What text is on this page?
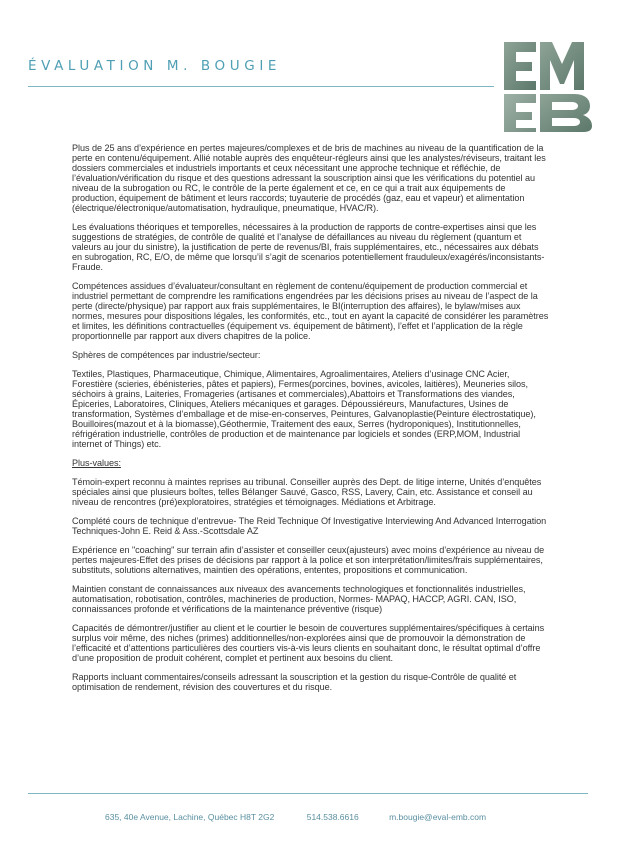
ÉVALUATION M. BOUGIE

Plus de 25 ans d’expérience en pertes majeures/complexes et de bris de machines au niveau de la quantification de la perte en contenu/équipement. Allié notable auprès des enquêteur-régleurs ainsi que les analystes/réviseurs, traitant les dossiers commerciales et industriels importants et ceux nécessitant une approche technique et réfléchie, de l’évaluation/vérification du risque et des questions adressant la souscription ainsi que les vérifications du potentiel au niveau de la subrogation ou RC, le contrôle de la perte également et ce, en ce qui a trait aux équipements de production, équipement de bâtiment et leurs raccords; tuyauterie de procédés (gaz, eau et vapeur) et alimentation (électrique/électronique/automatisation, hydraulique, pneumatique, HVAC/R).

Les évaluations théoriques et temporelles, nécessaires à la production de rapports de contre-expertises ainsi que les suggestions de stratégies, de contrôle de qualité et l’analyse de défaillances au niveau du règlement (quantum et valeurs au jour du sinistre), la justification de perte de revenus/BI, frais supplémentaires, etc., nécessaires aux débats en subrogation, RC, E/O, de même que lorsqu’il s’agit de scenarios potentiellement frauduleux/exagérés/inconsistants-Fraude.

Compétences assidues d’évaluateur/consultant en règlement de contenu/équipement de production commercial et industriel permettant de comprendre les ramifications engendrées par les décisions prises au niveau de l’aspect de la perte (directe/physique) par rapport aux frais supplémentaires, le BI(interruption des affaires), le bylaw/mises aux normes, mesures pour dispositions légales, les conformités, etc., tout en ayant la capacité de considérer les paramètres et limites, les définitions contractuelles (équipement vs. équipement de bâtiment), l’effet et l’application de la règle proportionnelle par rapport aux divers chapitres de la police.

Sphères de compétences par industrie/secteur:

Textiles, Plastiques, Pharmaceutique, Chimique, Alimentaires, Agroalimentaires, Ateliers d’usinage CNC Acier, Forestière (scieries, ébénisteries, pâtes et papiers), Fermes(porcines, bovines, avicoles, laitières), Meuneries silos, séchoirs à grains, Laiteries, Fromageries (artisanes et commerciales),Abattoirs et Transformations des viandes, Épiceries, Laboratoires, Cliniques, Ateliers mécaniques et garages. Dépoussiéreurs, Manufactures, Usines de transformation, Systèmes d’emballage et de mise-en-conserves, Peintures, Galvanoplastie(Peinture électrostatique), Bouilloires(mazout et à la biomasse),Géothermie, Traitement des eaux, Serres (hydroponiques), Institutionnelles, réfrigération industrielle, contrôles de production et de maintenance par logiciels et sondes (ERP,MOM, Industrial internet of Things) etc.

Plus-values:

Témoin-expert reconnu à maintes reprises au tribunal. Conseiller auprès des Dept. de litige interne, Unités d’enquêtes spéciales ainsi que plusieurs boîtes, telles Bélanger Sauvé, Gasco, RSS, Lavery, Cain, etc. Assistance et conseil au niveau de rencontres (pré)exploratoires, stratégies et témoignages. Médiations et Arbitrage.

Complété cours de technique d’entrevue- The Reid Technique Of Investigative Interviewing And Advanced Interrogation Techniques-John E. Reid & Ass.-Scottsdale AZ

Expérience en "coaching" sur terrain afin d’assister et conseiller ceux(ajusteurs) avec moins d’expérience au niveau de pertes majeures-Effet des prises de décisions par rapport à la police et son interprétation/limites/frais supplémentaires, substituts, solutions alternatives, maintien des opérations, ententes, propositions et communication.

Maintien constant de connaissances aux niveaux des avancements technologiques et fonctionnalités industrielles, automatisation, robotisation, contrôles, machineries de production, Normes- MAPAQ, HACCP, AGRI. CAN, ISO, connaissances profonde et vérifications de la maintenance préventive (risque)

Capacités de démontrer/justifier au client et le courtier le besoin de couvertures supplémentaires/spécifiques à certains surplus voir même, des niches (primes) additionnelles/non-explorées ainsi que de promouvoir la démonstration de l’efficacité et d’attentions particulières des courtiers vis-à-vis leurs clients en souhaitant donc, le résultat optimal d’offre d’une proposition de produit cohérent, complet et pertinent aux besoins du client.

Rapports incluant commentaires/conseils adressant la souscription et la gestion du risque-Contrôle de qualité et optimisation de rendement, révision des couvertures et du risque.

635, 40e Avenue, Lachine, Québec H8T 2G2	514.538.6616	m.bougie@eval-emb.com
